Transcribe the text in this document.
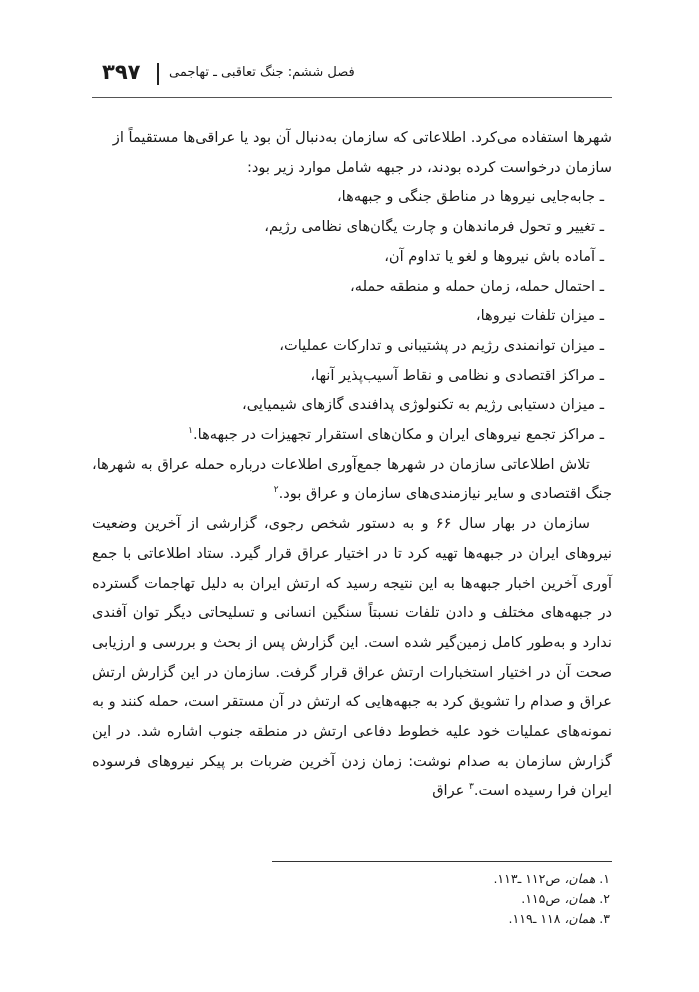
۳۹۷ فصل ششم: جنگ تعاقبی ـ تهاجمی

شهرها استفاده می‌کرد. اطلاعاتی که سازمان به‌دنبال آن بود یا عراقی‌ها مستقیماً از

سازمان درخواست کرده بودند، در جبهه شامل موارد زیر بود:

ـ جابه‌جایی نیروها در مناطق جنگی و جبهه‌ها،

ـ تغییر و تحول فرماندهان و چارت یگان‌های نظامی رژیم،

ـ آماده باش نیروها و لغو یا تداوم آن،

ـ احتمال حمله، زمان حمله و منطقه حمله،

ـ میزان تلفات نیروها،

ـ میزان توانمندی رژیم در پشتیبانی و تدارکات عملیات،

ـ مراکز اقتصادی و نظامی و نقاط آسیب‌پذیر آنها،

ـ میزان دستیابی رژیم به تکنولوژی پدافندی گازهای شیمیایی،

ـ مراکز تجمع نیروهای ایران و مکان‌های استقرار تجهیزات در جبهه‌ها.$^۱$

تلاش اطلاعاتی سازمان در شهرها جمع‌آوری اطلاعات درباره حمله عراق به شهرها، جنگ اقتصادی و سایر نیازمندی‌های سازمان و عراق بود.$^۲$

سازمان در بهار سال ۶۶ و به دستور شخص رجوی، گزارشی از آخرین وضعیت نیروهای ایران در جبهه‌ها تهیه کرد تا در اختیار عراق قرار گیرد. ستاد اطلاعاتی با جمع آوری آخرین اخبار جبهه‌ها به این نتیجه رسید که ارتش ایران به دلیل تهاجمات گسترده در جبهه‌های مختلف و دادن تلفات نسبتاً سنگین انسانی و تسلیحاتی دیگر توان آفندی ندارد و به‌طور کامل زمین‌گیر شده است. این گزارش پس از بحث و بررسی و ارزیابی صحت آن در اختیار استخبارات ارتش عراق قرار گرفت. سازمان در این گزارش ارتش عراق و صدام را تشویق کرد به جبهه‌هایی که ارتش در آن مستقر است، حمله کنند و به نمونه‌های عملیات خود علیه خطوط دفاعی ارتش در منطقه جنوب اشاره شد. در این گزارش سازمان به صدام نوشت: زمان زدن آخرین ضربات بر پیکر نیروهای فرسوده ایران فرا رسیده است.$^۳$ عراق

۱. همان، ص۱۱۲ ـ۱۱۳.
۲. همان، ص۱۱۵.
۳. همان، ۱۱۸ ـ۱۱۹.
